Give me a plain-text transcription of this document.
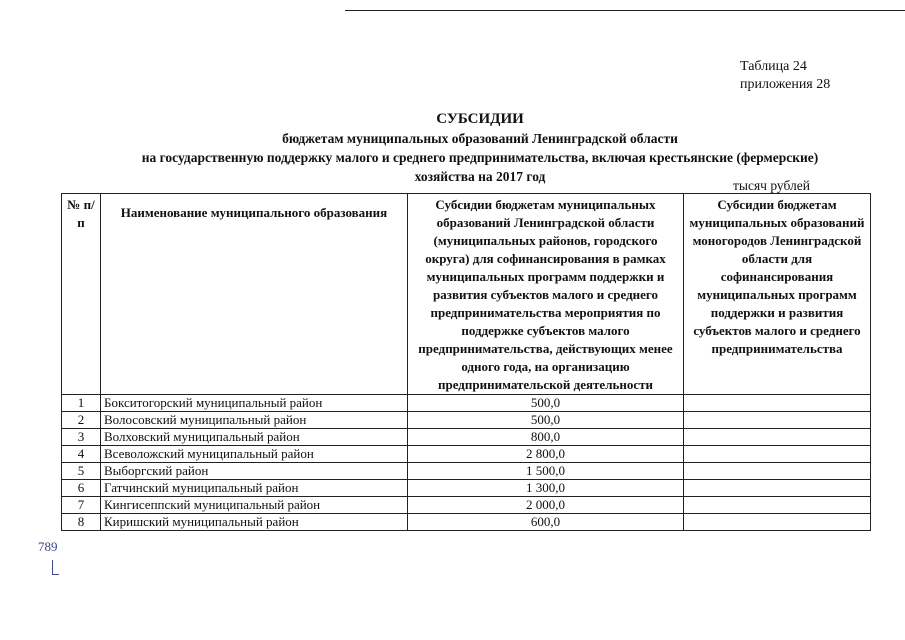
Таблица 24
приложения 28
СУБСИДИИ
бюджетам муниципальных образований Ленинградской области
на государственную поддержку малого и среднего предпринимательства, включая крестьянские (фермерские)
хозяйства на 2017 год
тысяч рублей
№ п/п	Наименование муниципального образования	Субсидии бюджетам муниципальных образований Ленинградской области (муниципальных районов, городского округа) для софинансирования в рамках муниципальных программ поддержки и развития субъектов малого и среднего предпринимательства мероприятия по поддержке субъектов малого предпринимательства, действующих менее одного года, на организацию предпринимательской деятельности	Субсидии бюджетам муниципальных образований моногородов Ленинградской области для софинансирования муниципальных программ поддержки и развития субъектов малого и среднего предпринимательства
1	Бокситогорский муниципальный район	500,0	
2	Волосовский муниципальный район	500,0	
3	Волховский муниципальный район	800,0	
4	Всеволожский муниципальный район	2 800,0	
5	Выборгский район	1 500,0	
6	Гатчинский муниципальный район	1 300,0	
7	Кингисеппский муниципальный район	2 000,0	
8	Киришский муниципальный район	600,0	
789
